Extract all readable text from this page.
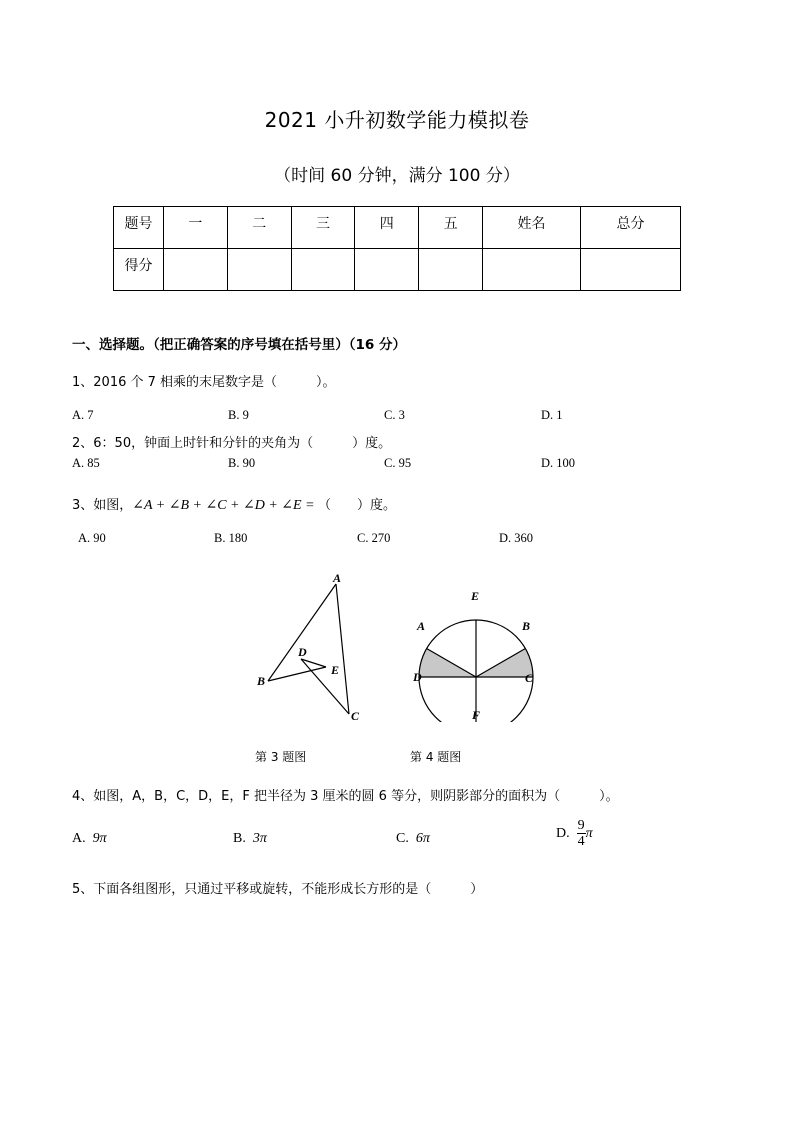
2021 小升初数学能力模拟卷
（时间 60 分钟，满分 100 分）
题号	一	二	三	四	五	姓名	总分
得分							
一、选择题。（把正确答案的序号填在括号里）（16 分）
1、2016 个 7 相乘的末尾数字是（　　　）。
A. 7	B. 9	C. 3	D. 1
2、6：50，钟面上时针和分针的夹角为（　　　）度。
A. 85	B. 90	C. 95	D. 100
3、如图，∠A + ∠B + ∠C + ∠D + ∠E = （　　）度。
A. 90	B. 180	C. 270	D. 360
A
B
C
D
E
E
A	B
D	C
F
第 3 题图	第 4 题图
4、如图，A，B，C，D，E，F 把半径为 3 厘米的圆 6 等分，则阴影部分的面积为（　　　）。
A. 9π	B. 3π	C. 6π	D. $\frac{9}{4}$ π
5、下面各组图形，只通过平移或旋转，不能形成长方形的是（　　　）
